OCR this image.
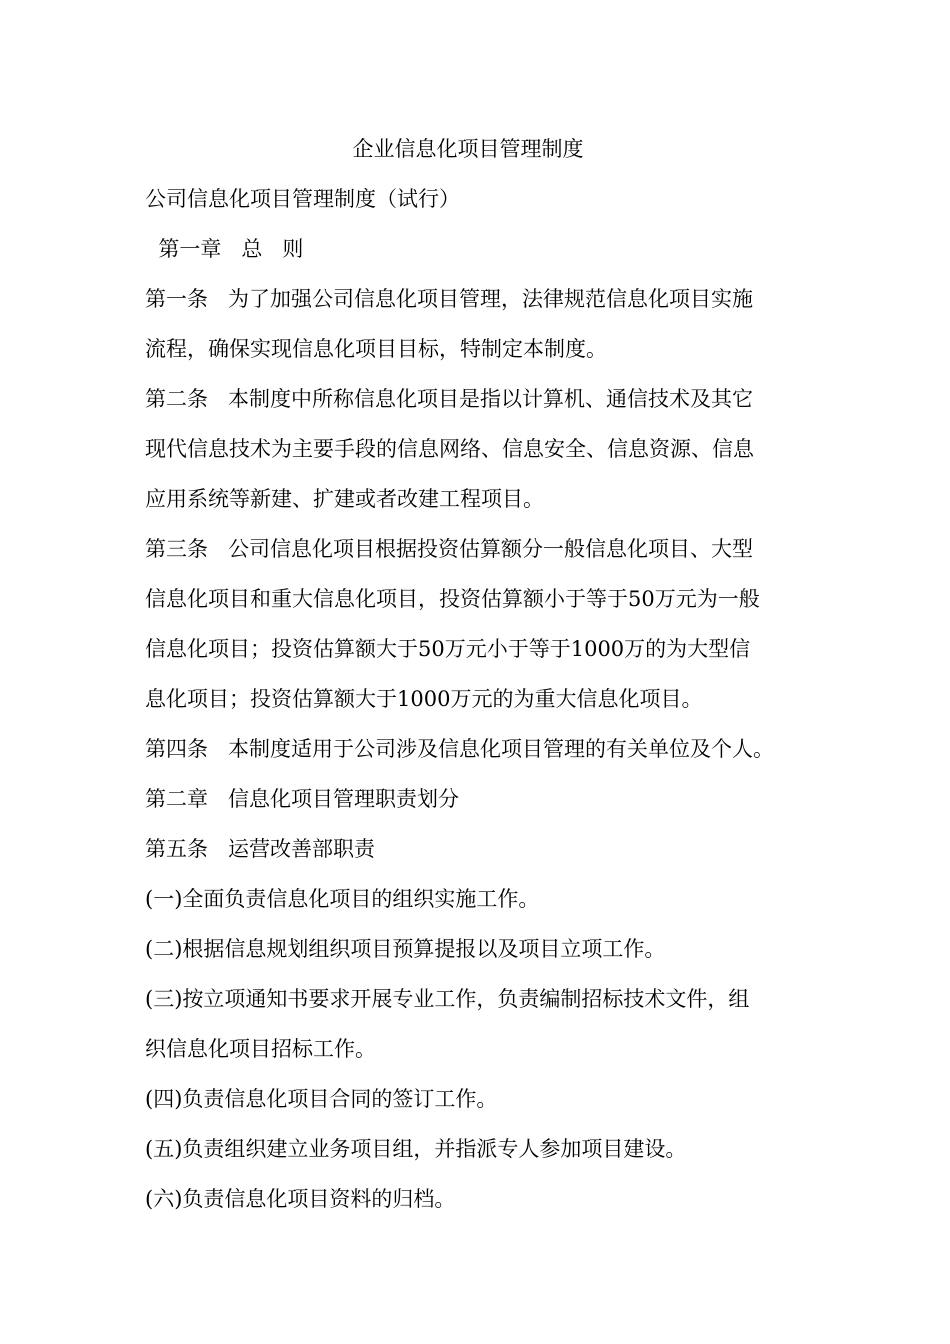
企业信息化项目管理制度
公司信息化项目管理制度（试行）
第一章   总   则
第一条   为了加强公司信息化项目管理，法律规范信息化项目实施
流程，确保实现信息化项目目标，特制定本制度。
第二条   本制度中所称信息化项目是指以计算机、通信技术及其它
现代信息技术为主要手段的信息网络、信息安全、信息资源、信息
应用系统等新建、扩建或者改建工程项目。
第三条   公司信息化项目根据投资估算额分一般信息化项目、大型
信息化项目和重大信息化项目，投资估算额小于等于50万元为一般
信息化项目；投资估算额大于50万元小于等于1000万的为大型信
息化项目；投资估算额大于1000万元的为重大信息化项目。
第四条   本制度适用于公司涉及信息化项目管理的有关单位及个人。
第二章   信息化项目管理职责划分
第五条   运营改善部职责
(一)全面负责信息化项目的组织实施工作。
(二)根据信息规划组织项目预算提报以及项目立项工作。
(三)按立项通知书要求开展专业工作，负责编制招标技术文件，组
织信息化项目招标工作。
(四)负责信息化项目合同的签订工作。
(五)负责组织建立业务项目组，并指派专人参加项目建设。
(六)负责信息化项目资料的归档。
